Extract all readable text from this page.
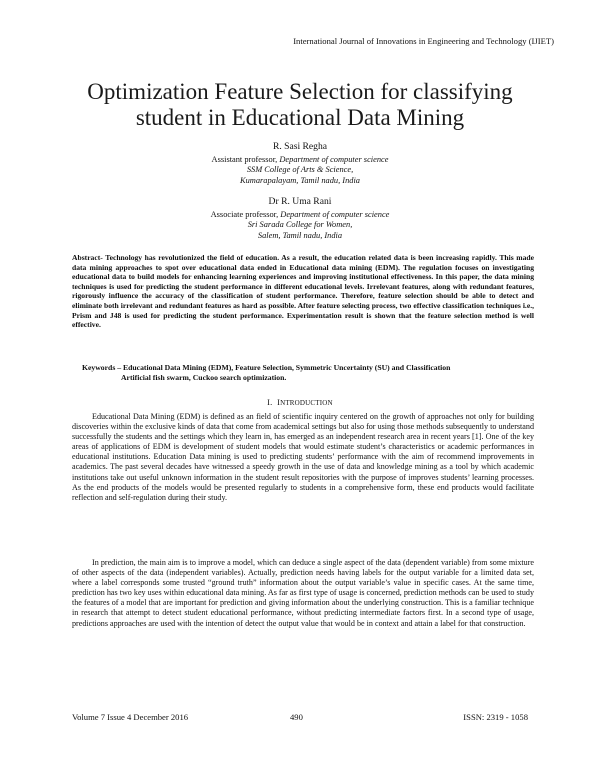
International Journal of Innovations in Engineering and Technology (IJIET)
Optimization Feature Selection for classifying
student in Educational Data Mining
R. Sasi Regha
Assistant professor, Department of computer science
SSM College of Arts & Science,
Kumarapalayam, Tamil nadu, India
Dr R. Uma Rani
Associate professor, Department of computer science
Sri Sarada College for Women,
Salem, Tamil nadu, India
Abstract- Technology has revolutionized the field of education. As a result, the education related data is been increasing rapidly. This made data mining approaches to spot over educational data ended in Educational data mining (EDM). The regulation focuses on investigating educational data to build models for enhancing learning experiences and improving institutional effectiveness. In this paper, the data mining techniques is used for predicting the student performance in different educational levels. Irrelevant features, along with redundant features, rigorously influence the accuracy of the classification of student performance. Therefore, feature selection should be able to detect and eliminate both irrelevant and redundant features as hard as possible. After feature selecting process, two effective classification techniques i.e., Prism and J48 is used for predicting the student performance. Experimentation result is shown that the feature selection method is well effective.
Keywords – Educational Data Mining (EDM), Feature Selection, Symmetric Uncertainty (SU) and Classification
Artificial fish swarm, Cuckoo search optimization.
I. INTRODUCTION

Educational Data Mining (EDM) is defined as an field of scientific inquiry centered on the growth of approaches not only for building discoveries within the exclusive kinds of data that come from academical settings but also for using those methods subsequently to understand successfully the students and the settings which they learn in, has emerged as an independent research area in recent years [1]. One of the key areas of applications of EDM is development of student models that would estimate student’s characteristics or academic performances in educational institutions. Education Data mining is used to predicting students’ performance with the aim of recommend improvements in academics. The past several decades have witnessed a speedy growth in the use of data and knowledge mining as a tool by which academic institutions take out useful unknown information in the student result repositories with the purpose of improves students’ learning processes. As the end products of the models would be presented regularly to students in a comprehensive form, these end products would facilitate reflection and self-regulation during their study.

In prediction, the main aim is to improve a model, which can deduce a single aspect of the data (dependent variable) from some mixture of other aspects of the data (independent variables). Actually, prediction needs having labels for the output variable for a limited data set, where a label corresponds some trusted “ground truth” information about the output variable’s value in specific cases. At the same time, prediction has two key uses within educational data mining. As far as first type of usage is concerned, prediction methods can be used to study the features of a model that are important for prediction and giving information about the underlying construction. This is a familiar technique in research that attempt to detect student educational performance, without predicting intermediate factors first. In a second type of usage, predictions approaches are used with the intention of detect the output value that would be in context and attain a label for that construction.

Volume 7 Issue 4 December 2016	490	ISSN: 2319 - 1058
